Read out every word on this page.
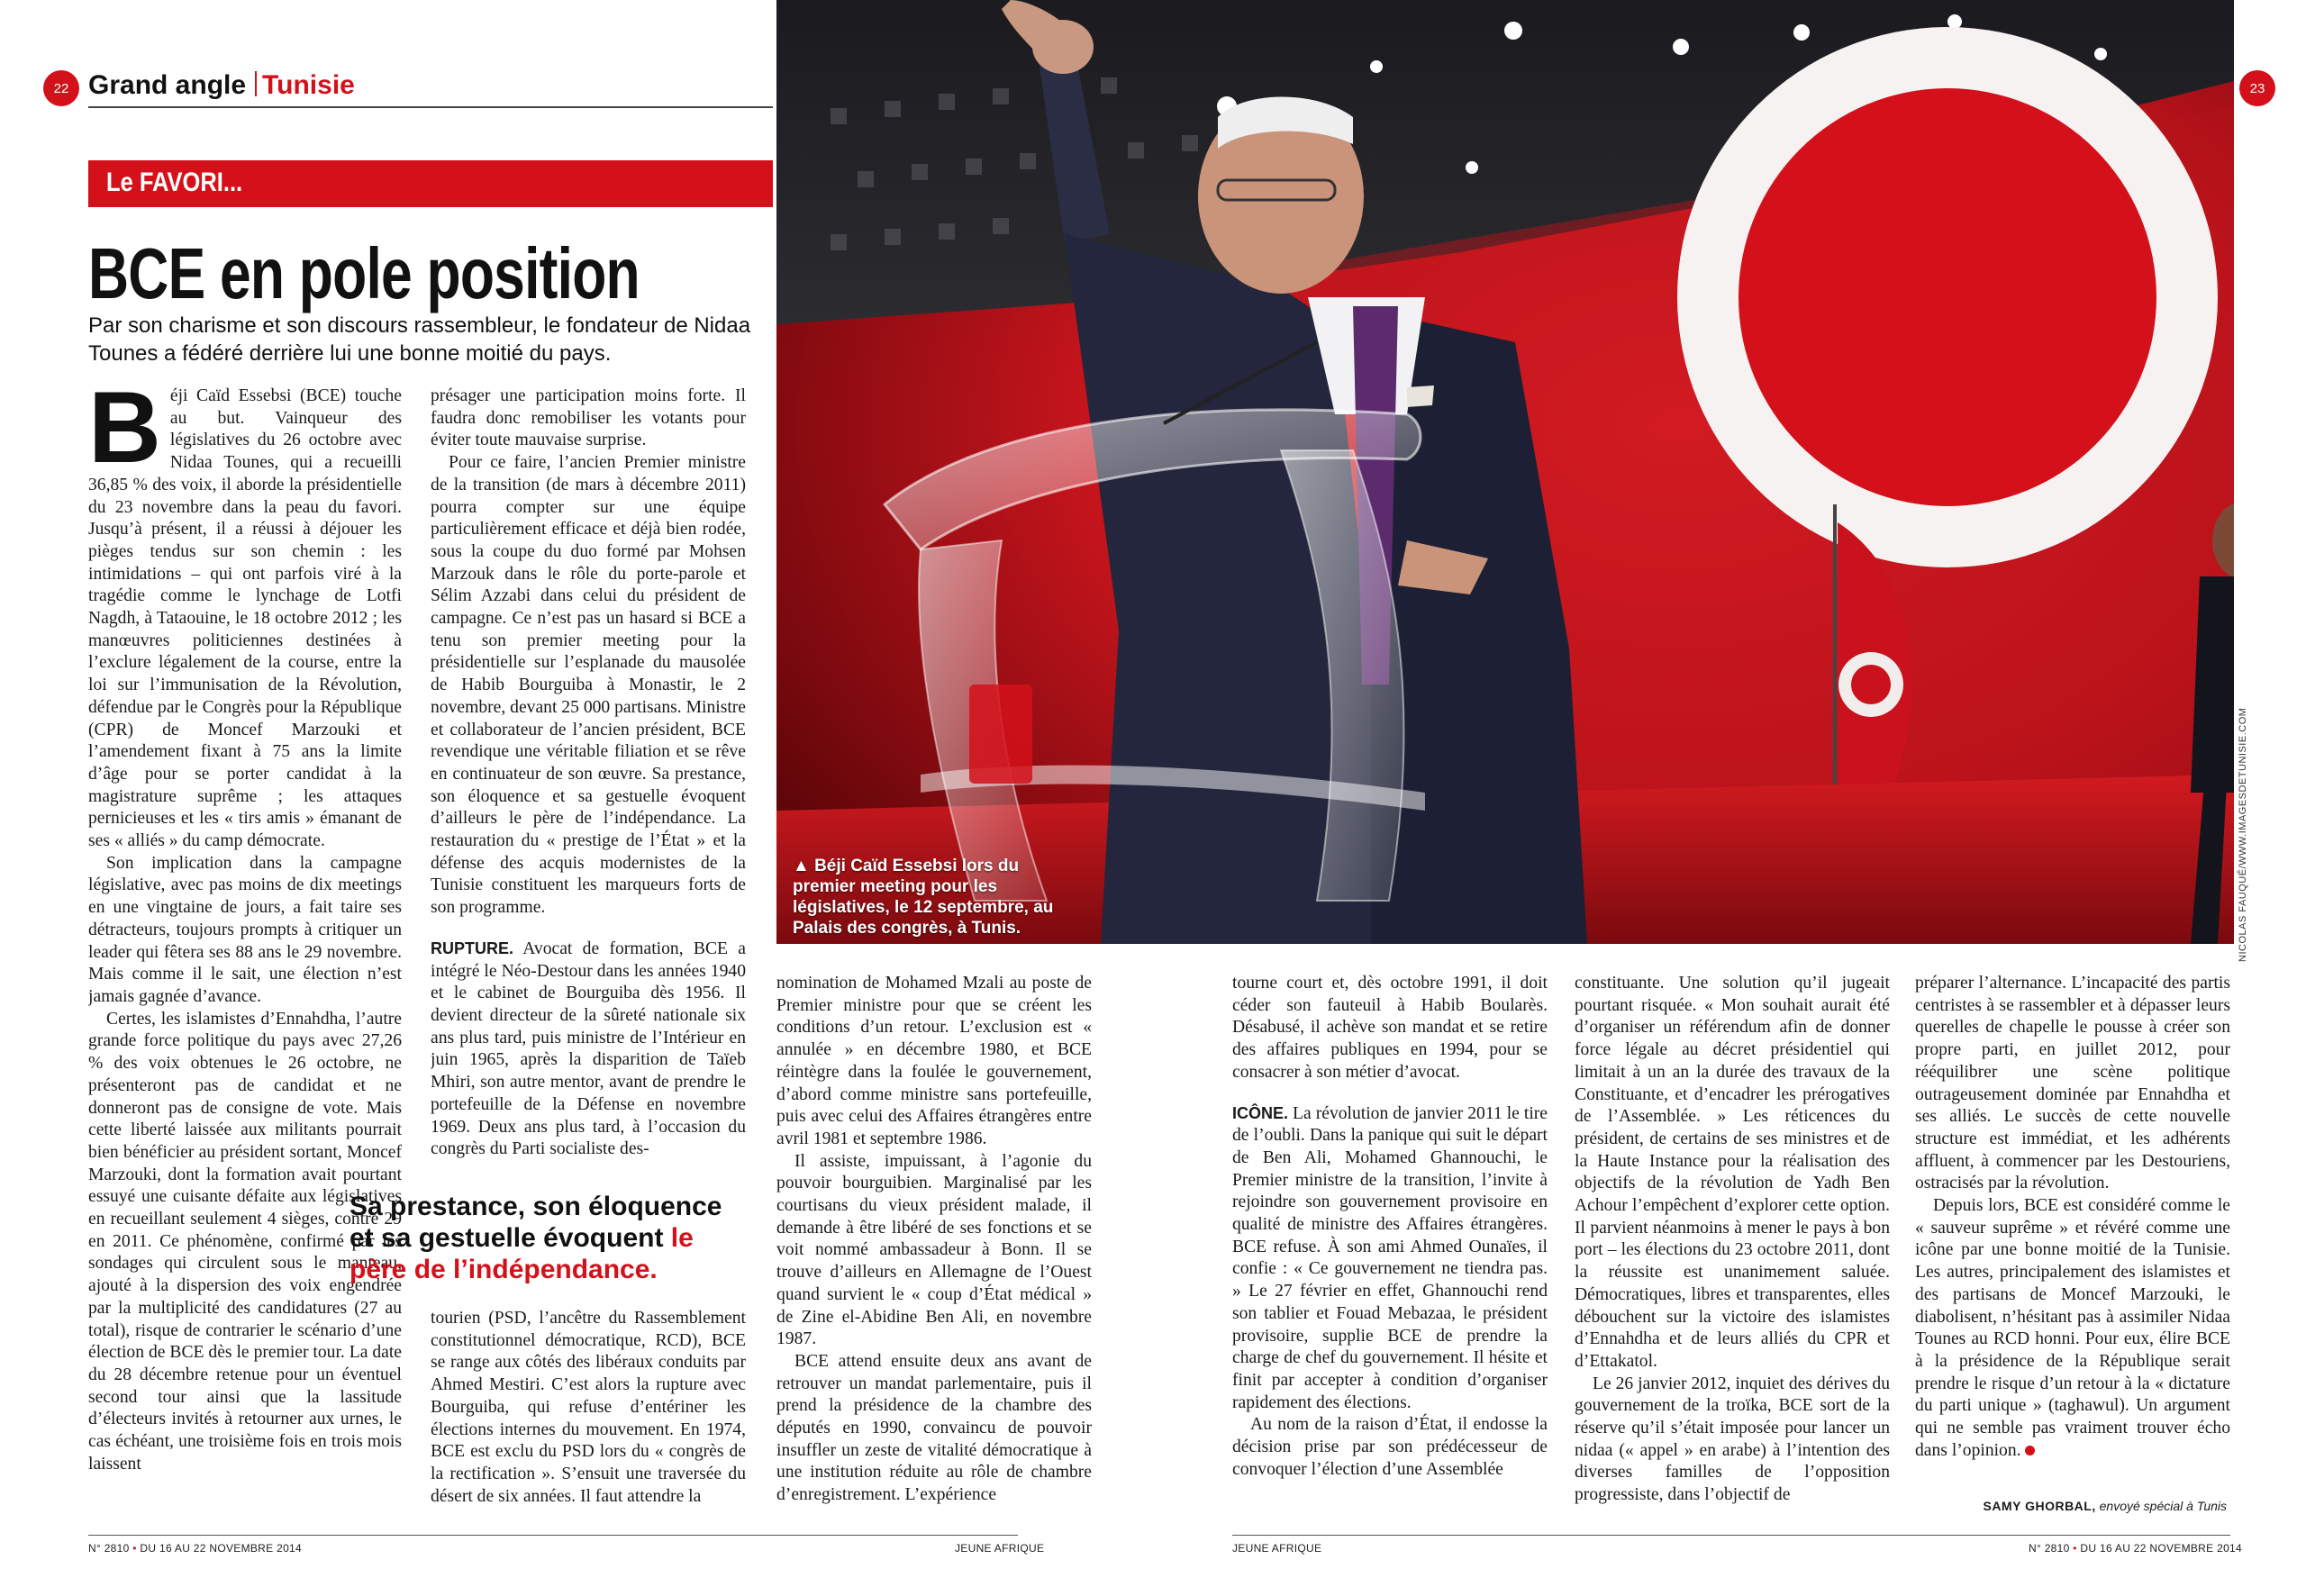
22 Grand angle Tunisie	23
Le FAVORI...
BCE en pole position
Par son charisme et son discours rassembleur, le fondateur de Nidaa Tounes a fédéré derrière lui une bonne moitié du pays.

Béji Caïd Essebsi (BCE) touche au but. Vainqueur des législatives du 26 octobre avec Nidaa Tounes, qui a recueilli 36,85 % des voix, il aborde la présidentielle du 23 novembre dans la peau du favori. Jusqu’à présent, il a réussi à déjouer les pièges tendus sur son chemin : les intimidations – qui ont parfois viré à la tragédie comme le lynchage de Lotfi Nagdh, à Tataouine, le 18 octobre 2012 ; les manœuvres politiciennes destinées à l’exclure légalement de la course, entre la loi sur l’immunisation de la Révolution, défendue par le Congrès pour la République (CPR) de Moncef Marzouki et l’amendement fixant à 75 ans la limite d’âge pour se porter candidat à la magistrature suprême ; les attaques pernicieuses et les « tirs amis » émanant de ses « alliés » du camp démocrate.

Son implication dans la campagne législative, avec pas moins de dix meetings en une vingtaine de jours, a fait taire ses détracteurs, toujours prompts à critiquer un leader qui fêtera ses 88 ans le 29 novembre. Mais comme il le sait, une élection n’est jamais gagnée d’avance.

Certes, les islamistes d’Ennahdha, l’autre grande force politique du pays avec 27,26 % des voix obtenues le 26 octobre, ne présenteront pas de candidat et ne donneront pas de consigne de vote. Mais cette liberté laissée aux militants pourrait bien bénéficier au président sortant, Moncef Marzouki, dont la formation avait pourtant essuyé une cuisante défaite aux législatives en recueillant seulement 4 sièges, contre 29 en 2011. Ce phénomène, confirmé par les sondages qui circulent sous le manteau, ajouté à la dispersion des voix engendrée par la multiplicité des candidatures (27 au total), risque de contrarier le scénario d’une élection de BCE dès le premier tour. La date du 28 décembre retenue pour un éventuel second tour ainsi que la lassitude d’électeurs invités à retourner aux urnes, le cas échéant, une troisième fois en trois mois laissent

présager une participation moins forte. Il faudra donc remobiliser les votants pour éviter toute mauvaise surprise.

Pour ce faire, l’ancien Premier ministre de la transition (de mars à décembre 2011) pourra compter sur une équipe particulièrement efficace et déjà bien rodée, sous la coupe du duo formé par Mohsen Marzouk dans le rôle du porte-parole et Sélim Azzabi dans celui du président de campagne. Ce n’est pas un hasard si BCE a tenu son premier meeting pour la présidentielle sur l’esplanade du mausolée de Habib Bourguiba à Monastir, le 2 novembre, devant 25 000 partisans. Ministre et collaborateur de l’ancien président, BCE revendique une véritable filiation et se rêve en continuateur de son œuvre. Sa prestance, son éloquence et sa gestuelle évoquent d’ailleurs le père de l’indépendance. La restauration du « prestige de l’État » et la défense des acquis modernistes de la Tunisie constituent les marqueurs forts de son programme.

RUPTURE. Avocat de formation, BCE a intégré le Néo-Destour dans les années 1940 et le cabinet de Bourguiba dès 1956. Il devient directeur de la sûreté nationale six ans plus tard, puis ministre de l’Intérieur en juin 1965, après la disparition de Taïeb Mhiri, son autre mentor, avant de prendre le portefeuille de la Défense en novembre 1969. Deux ans plus tard, à l’occasion du congrès du Parti socialiste des-

Sa prestance, son éloquence et sa gestuelle évoquent le père de l’indépendance.

tourien (PSD, l’ancêtre du Rassemblement constitutionnel démocratique, RCD), BCE se range aux côtés des libéraux conduits par Ahmed Mestiri. C’est alors la rupture avec Bourguiba, qui refuse d’entériner les élections internes du mouvement. En 1974, BCE est exclu du PSD lors du « congrès de la rectification ». S’ensuit une traversée du désert de six années. Il faut attendre la

nomination de Mohamed Mzali au poste de Premier ministre pour que se créent les conditions d’un retour. L’exclusion est « annulée » en décembre 1980, et BCE réintègre dans la foulée le gouvernement, d’abord comme ministre sans portefeuille, puis avec celui des Affaires étrangères entre avril 1981 et septembre 1986.

Il assiste, impuissant, à l’agonie du pouvoir bourguibien. Marginalisé par les courtisans du vieux président malade, il demande à être libéré de ses fonctions et se voit nommé ambassadeur à Bonn. Il se trouve d’ailleurs en Allemagne de l’Ouest quand survient le « coup d’État médical » de Zine el-Abidine Ben Ali, en novembre 1987.

BCE attend ensuite deux ans avant de retrouver un mandat parlementaire, puis il prend la présidence de la chambre des députés en 1990, convaincu de pouvoir insuffler un zeste de vitalité démocratique à une institution réduite au rôle de chambre d’enregistrement. L’expérience

tourne court et, dès octobre 1991, il doit céder son fauteuil à Habib Boularès. Désabusé, il achève son mandat et se retire des affaires publiques en 1994, pour se consacrer à son métier d’avocat.

ICÔNE. La révolution de janvier 2011 le tire de l’oubli. Dans la panique qui suit le départ de Ben Ali, Mohamed Ghannouchi, le Premier ministre de la transition, l’invite à rejoindre son gouvernement provisoire en qualité de ministre des Affaires étrangères. BCE refuse. À son ami Ahmed Ounaïes, il confie : « Ce gouvernement ne tiendra pas. » Le 27 février en effet, Ghannouchi rend son tablier et Fouad Mebazaa, le président provisoire, supplie BCE de prendre la charge de chef du gouvernement. Il hésite et finit par accepter à condition d’organiser rapidement des élections.

Au nom de la raison d’État, il endosse la décision prise par son prédécesseur de convoquer l’élection d’une Assemblée

constituante. Une solution qu’il jugeait pourtant risquée. « Mon souhait aurait été d’organiser un référendum afin de donner force légale au décret présidentiel qui limitait à un an la durée des travaux de la Constituante, et d’encadrer les prérogatives de l’Assemblée. » Les réticences du président, de certains de ses ministres et de la Haute Instance pour la réalisation des objectifs de la révolution de Yadh Ben Achour l’empêchent d’explorer cette option. Il parvient néanmoins à mener le pays à bon port – les élections du 23 octobre 2011, dont la réussite est unanimement saluée. Démocratiques, libres et transparentes, elles débouchent sur la victoire des islamistes d’Ennahdha et de leurs alliés du CPR et d’Ettakatol.

Le 26 janvier 2012, inquiet des dérives du gouvernement de la troïka, BCE sort de la réserve qu’il s’était imposée pour lancer un nidaa (« appel » en arabe) à l’intention des diverses familles de l’opposition progressiste, dans l’objectif de

préparer l’alternance. L’incapacité des partis centristes à se rassembler et à dépasser leurs querelles de chapelle le pousse à créer son propre parti, en juillet 2012, pour rééquilibrer une scène politique outrageusement dominée par Ennahdha et ses alliés. Le succès de cette nouvelle structure est immédiat, et les adhérents affluent, à commencer par les Destouriens, ostracisés par la révolution.

Depuis lors, BCE est considéré comme le « sauveur suprême » et révéré comme une icône par une bonne moitié de la Tunisie. Les autres, principalement des islamistes et des partisans de Moncef Marzouki, le diabolisent, n’hésitant pas à assimiler Nidaa Tounes au RCD honni. Pour eux, élire BCE à la présidence de la République serait prendre le risque d’un retour à la « dictature du parti unique » (taghawul). Un argument qui ne semble pas vraiment trouver écho dans l’opinion.

SAMY GHORBAL, envoyé spécial à Tunis
▲ Béji Caïd Essebsi lors du premier meeting pour les législatives, le 12 septembre, au Palais des congrès, à Tunis.	NICOLAS FAUQUÉ/WWW.IMAGESDETUNISIE.COM
N° 2810 • DU 16 AU 22 NOVEMBRE 2014	JEUNE AFRIQUE	JEUNE AFRIQUE	N° 2810 • DU 16 AU 22 NOVEMBRE 2014
